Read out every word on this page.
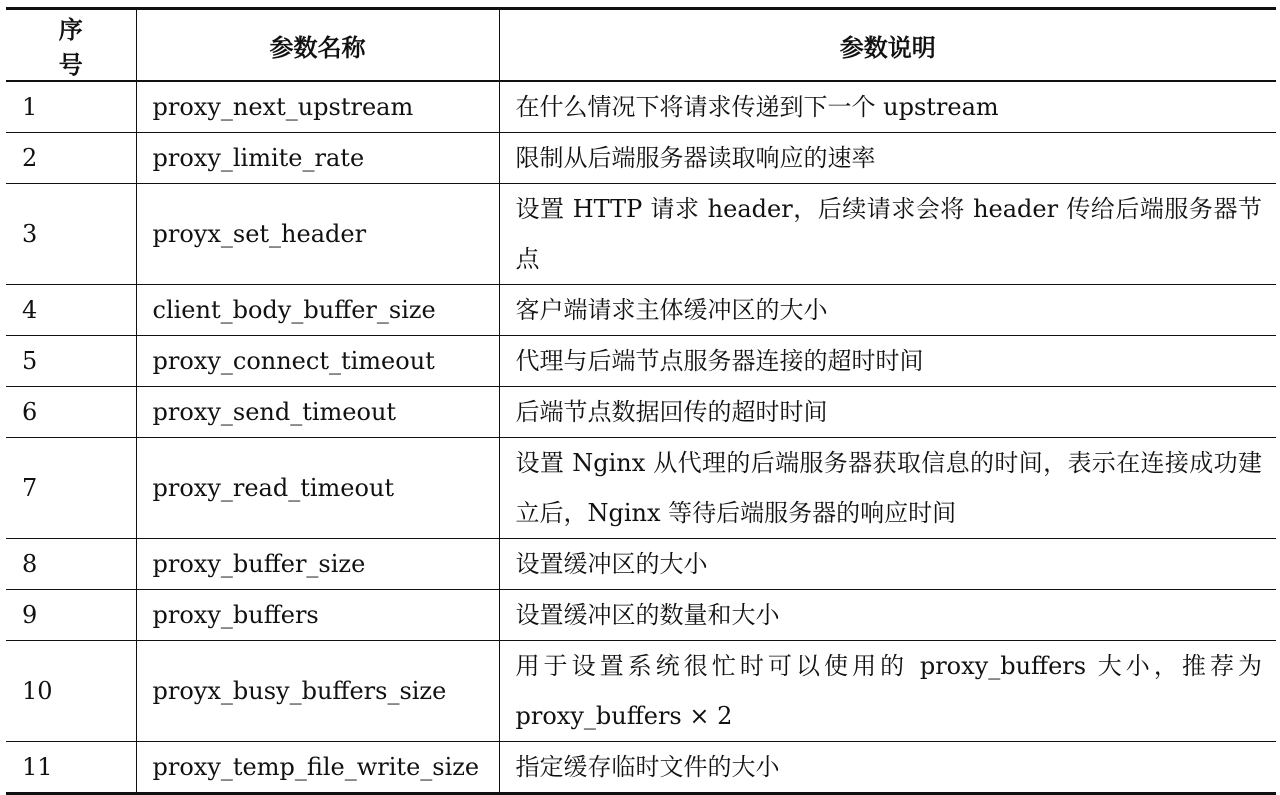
序 号	参数名称	参数说明
1	proxy_next_upstream	在什么情况下将请求传递到下一个 upstream
2	proxy_limite_rate	限制从后端服务器读取响应的速率
3	proyx_set_header	设置 HTTP 请求 header，后续请求会将 header 传给后端服务器节点
4	client_body_buffer_size	客户端请求主体缓冲区的大小
5	proxy_connect_timeout	代理与后端节点服务器连接的超时时间
6	proxy_send_timeout	后端节点数据回传的超时时间
7	proxy_read_timeout	设置 Nginx 从代理的后端服务器获取信息的时间，表示在连接成功建立后，Nginx 等待后端服务器的响应时间
8	proxy_buffer_size	设置缓冲区的大小
9	proxy_buffers	设置缓冲区的数量和大小
10	proyx_busy_buffers_size	用于设置系统很忙时可以使用的 proxy_buffers 大小，推荐为 proxy_buffers × 2
11	proxy_temp_file_write_size	指定缓存临时文件的大小
